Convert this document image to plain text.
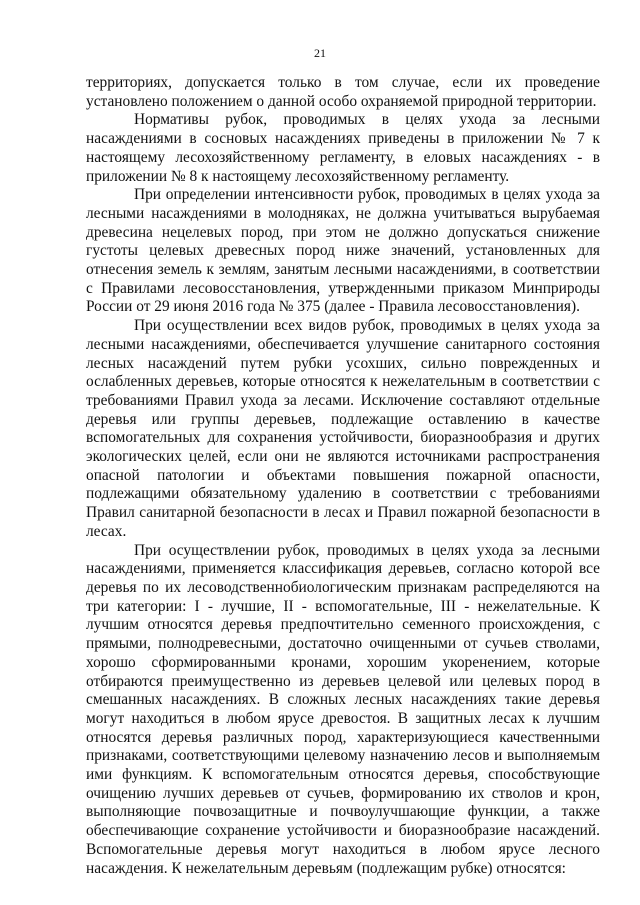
21

территориях, допускается только в том случае, если их проведение установлено положением о данной особо охраняемой природной территории.

Нормативы рубок, проводимых в целях ухода за лесными насаждениями в сосновых насаждениях приведены в приложении № 7 к настоящему лесохозяйственному регламенту, в еловых насаждениях - в приложении № 8 к настоящему лесохозяйственному регламенту.

При определении интенсивности рубок, проводимых в целях ухода за лесными насаждениями в молодняках, не должна учитываться вырубаемая древесина нецелевых пород, при этом не должно допускаться снижение густоты целевых древесных пород ниже значений, установленных для отнесения земель к землям, занятым лесными насаждениями, в соответствии с Правилами лесовосстановления, утвержденными приказом Минприроды России от 29 июня 2016 года № 375 (далее - Правила лесовосстановления).

При осуществлении всех видов рубок, проводимых в целях ухода за лесными насаждениями, обеспечивается улучшение санитарного состояния лесных насаждений путем рубки усохших, сильно поврежденных и ослабленных деревьев, которые относятся к нежелательным в соответствии с требованиями Правил ухода за лесами. Исключение составляют отдельные деревья или группы деревьев, подлежащие оставлению в качестве вспомогательных для сохранения устойчивости, биоразнообразия и других экологических целей, если они не являются источниками распространения опасной патологии и объектами повышения пожарной опасности, подлежащими обязательному удалению в соответствии с требованиями Правил санитарной безопасности в лесах и Правил пожарной безопасности в лесах.

При осуществлении рубок, проводимых в целях ухода за лесными насаждениями, применяется классификация деревьев, согласно которой все деревья по их лесоводственнобиологическим признакам распределяются на три категории: I - лучшие, II - вспомогательные, III - нежелательные. К лучшим относятся деревья предпочтительно семенного происхождения, с прямыми, полнодревесными, достаточно очищенными от сучьев стволами, хорошо сформированными кронами, хорошим укоренением, которые отбираются преимущественно из деревьев целевой или целевых пород в смешанных насаждениях. В сложных лесных насаждениях такие деревья могут находиться в любом ярусе древостоя. В защитных лесах к лучшим относятся деревья различных пород, характеризующиеся качественными признаками, соответствующими целевому назначению лесов и выполняемым ими функциям. К вспомогательным относятся деревья, способствующие очищению лучших деревьев от сучьев, формированию их стволов и крон, выполняющие почвозащитные и почвоулучшающие функции, а также обеспечивающие сохранение устойчивости и биоразнообразие насаждений. Вспомогательные деревья могут находиться в любом ярусе лесного насаждения. К нежелательным деревьям (подлежащим рубке) относятся:
